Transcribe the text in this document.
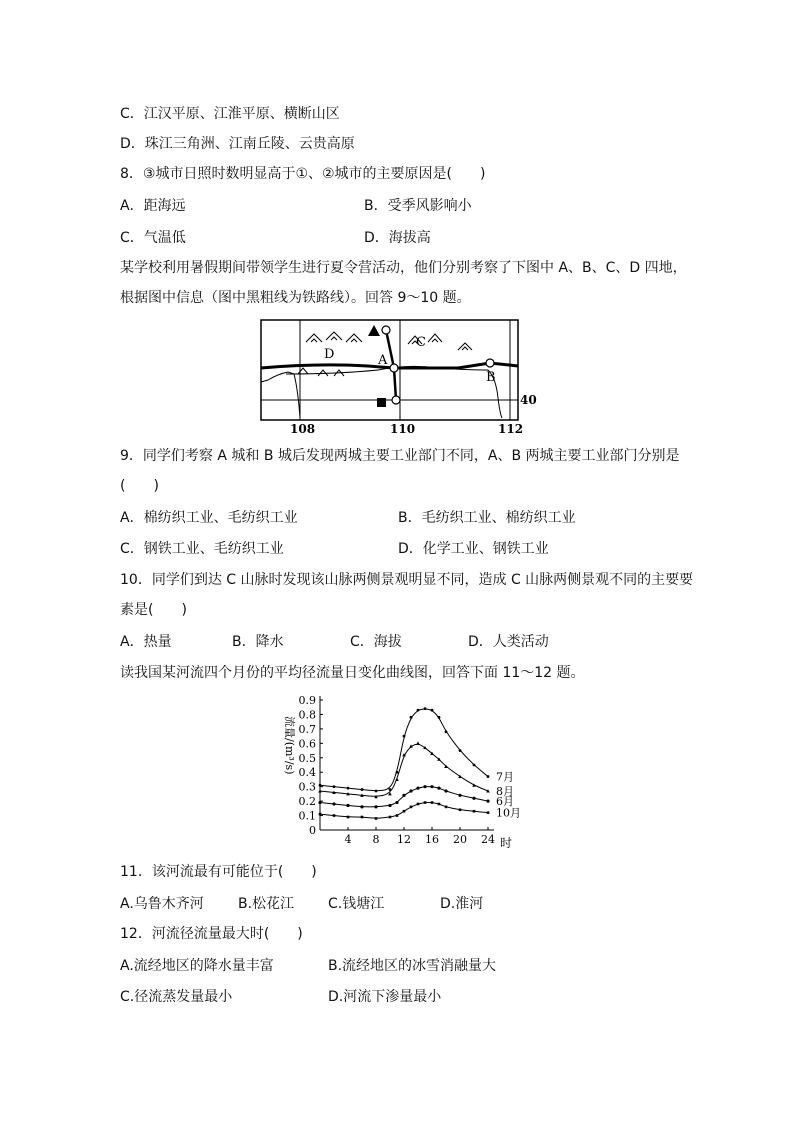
C．江汉平原、江淮平原、横断山区
D．珠江三角洲、江南丘陵、云贵高原
8．③城市日照时数明显高于①、②城市的主要原因是(　　)
A．距海远	B．受季风影响小
C．气温低	D．海拔高
某学校利用暑假期间带领学生进行夏令营活动，他们分别考察了下图中 A、B、C、D 四地，
根据图中信息（图中黑粗线为铁路线）。回答 9～10 题。
D	A
C
B
108	110	112
40
9．同学们考察 A 城和 B 城后发现两城主要工业部门不同，A、B 两城主要工业部门分别是
(　　)
A．棉纺织工业、毛纺织工业	B．毛纺织工业、棉纺织工业
C．钢铁工业、毛纺织工业	D．化学工业、钢铁工业
10．同学们到达 C 山脉时发现该山脉两侧景观明显不同，造成 C 山脉两侧景观不同的主要要
素是(　　)
A．热量	B．降水	C．海拔	D．人类活动
读我国某河流四个月份的平均径流量日变化曲线图，回答下面 11～12 题。
0
0.1
0.2
0.3
0.4
0.5
0.6
0.7
0.8
0.9
4 8 12 16 20 24
7月
8月
6月
10月
流量/(m³/s)
时
11．该河流最有可能位于(　　)
A.乌鲁木齐河 B.松花江 C.钱塘江	D.淮河
12．河流径流量最大时(　　)
A.流经地区的降水量丰富	B.流经地区的冰雪消融量大
C.径流蒸发量最小	D.河流下渗量最小
